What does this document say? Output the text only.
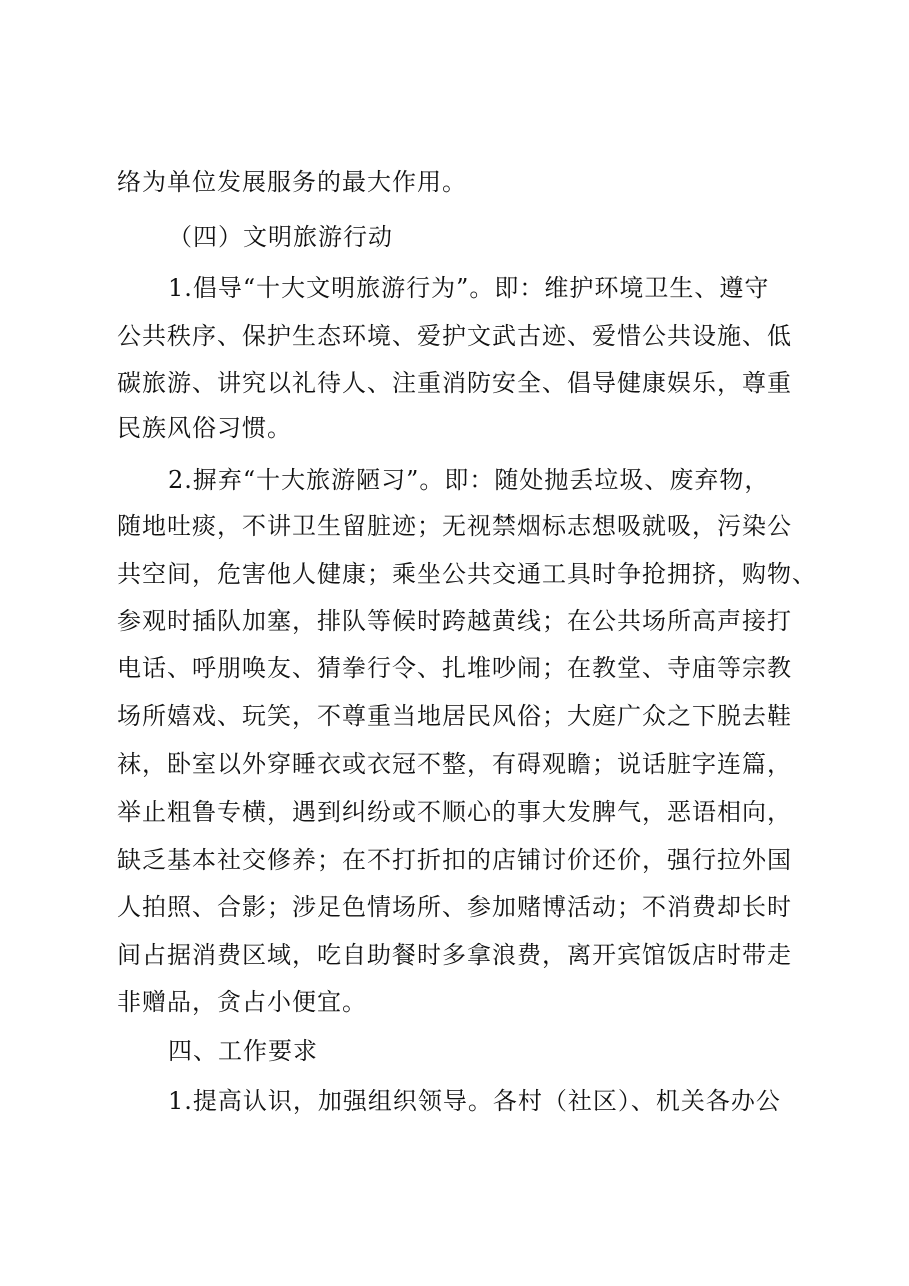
络为单位发展服务的最大作用。
（四）文明旅游行动
1.倡导“十大文明旅游行为”。即：维护环境卫生、遵守
公共秩序、保护生态环境、爱护文武古迹、爱惜公共设施、低
碳旅游、讲究以礼待人、注重消防安全、倡导健康娱乐，尊重
民族风俗习惯。
2.摒弃“十大旅游陋习”。即：随处抛丢垃圾、废弃物，
随地吐痰，不讲卫生留脏迹；无视禁烟标志想吸就吸，污染公
共空间，危害他人健康；乘坐公共交通工具时争抢拥挤，购物、
参观时插队加塞，排队等候时跨越黄线；在公共场所高声接打
电话、呼朋唤友、猜拳行令、扎堆吵闹；在教堂、寺庙等宗教
场所嬉戏、玩笑，不尊重当地居民风俗；大庭广众之下脱去鞋
袜，卧室以外穿睡衣或衣冠不整，有碍观瞻；说话脏字连篇，
举止粗鲁专横，遇到纠纷或不顺心的事大发脾气，恶语相向，
缺乏基本社交修养；在不打折扣的店铺讨价还价，强行拉外国
人拍照、合影；涉足色情场所、参加赌博活动；不消费却长时
间占据消费区域，吃自助餐时多拿浪费，离开宾馆饭店时带走
非赠品，贪占小便宜。
四、工作要求
1.提高认识，加强组织领导。各村（社区）、机关各办公
